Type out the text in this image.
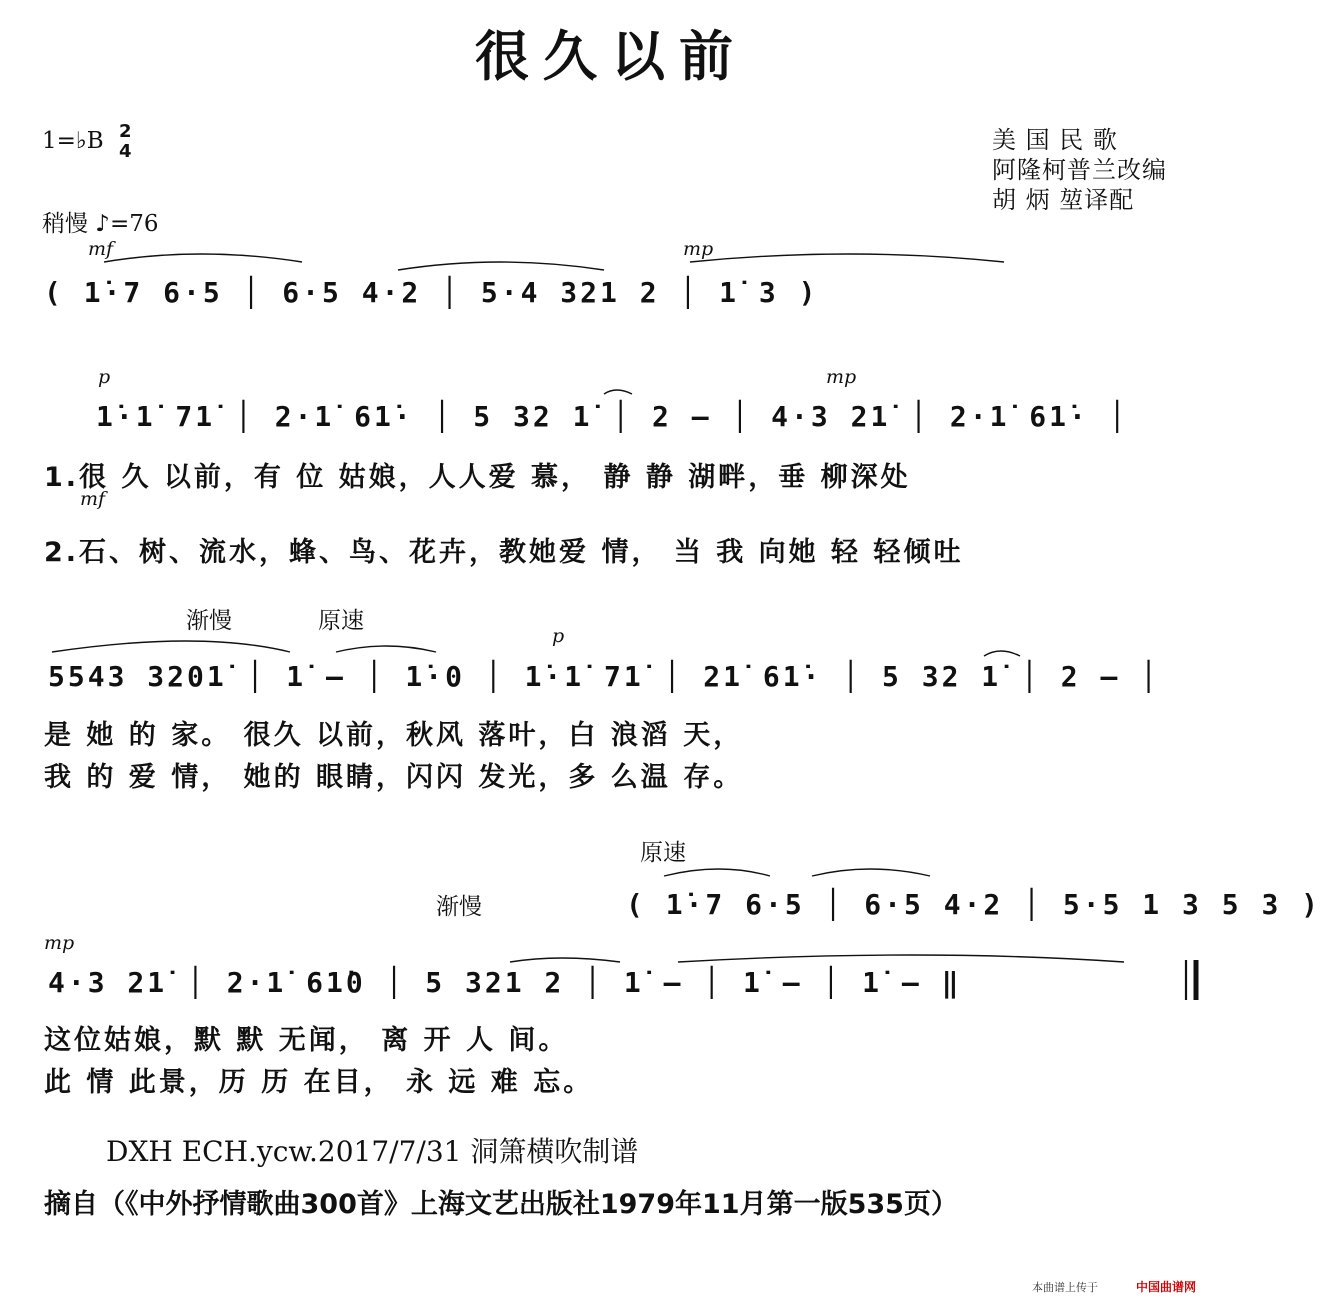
很久以前
1=♭B 2
4
稍慢 ♪=76
美 国 民 歌
阿隆柯普兰改编
胡 炳 堃译配
mf	mp
p	mp
mf
p
mp
渐慢	原速
原速
渐慢
( 1̇·7 6·5 │ 6·5 4·2 │ 5·4 321 2 │ 1̇ 3 )
1̇·1̇ 71̇ │ 2·1̇ 61̇· │ 5 32 1̇ │ 2 – │ 4·3 21̇ │ 2·1̇ 61̇· │
1.很 久 以前，有 位 姑娘，人人爱 慕， 静 静 湖畔，垂 柳深处
2.石、树、流水，蜂、鸟、花卉，教她爱 情， 当 我 向她 轻 轻倾吐
5543 3201̇ │ 1̇ – │ 1̇·0 │ 1̇·1̇ 71̇ │ 21̇ 61̇· │ 5 32 1̇ │ 2 – │
是 她 的 家。 很久 以前，秋风 落叶，白 浪滔 天，
我 的 爱 情， 她的 眼睛，闪闪 发光，多 么温 存。
( 1̇·7 6·5 │ 6·5 4·2 │ 5·5 1 3 5 3 )
4·3 21̇ │ 2·1̇ 61̇0 │ 5 321 2 │ 1̇ – │ 1̇ – │ 1̇ – ‖
这位姑娘，默 默 无闻， 离 开 人 间。
此 情 此景，历 历 在目， 永 远 难 忘。
DXH ECH.ycw.2017/7/31 洞箫横吹制谱
摘自（《中外抒情歌曲300首》上海文艺出版社1979年11月第一版535页）
本曲谱上传于	中国曲谱网
